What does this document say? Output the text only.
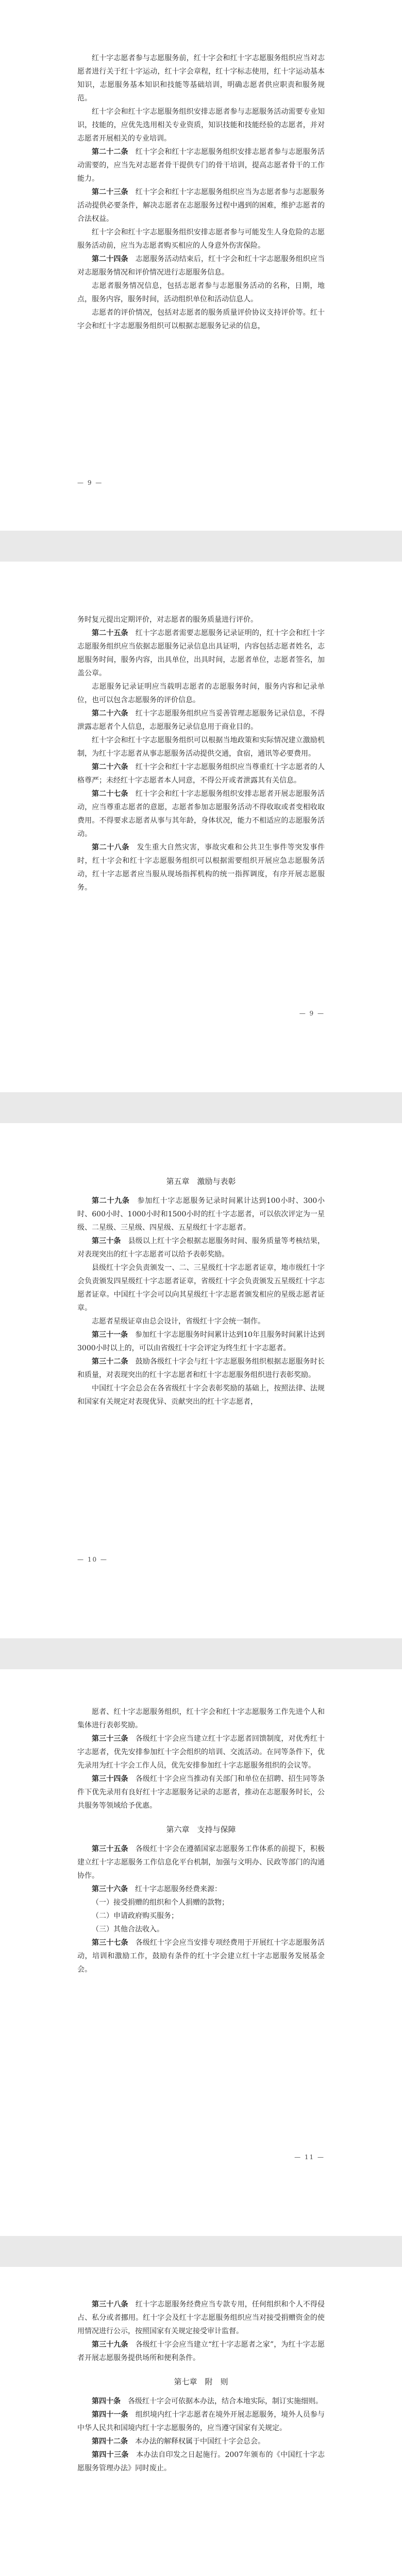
红十字志愿者参与志愿服务前，红十字会和红十字志愿服务组织应当对志愿者进行关于红十字运动，红十字会章程，红十字标志使用，红十字运动基本知识，志愿服务基本知识和技能等基础培训，明确志愿者供应职责和服务规范。

红十字会和红十字志愿服务组织安排志愿者参与志愿服务活动需要专业知识，技能的，应优先选用相关专业资质，知识技能和技能经验的志愿者，并对志愿者开展相关的专业培训。

第二十二条　 红十字会和红十字志愿服务组织安排志愿者参与志愿服务活动需要的，应当先对志愿者骨干提供专门的骨干培训，提高志愿者骨干的工作能力。

第二十三条　 红十字会和红十字志愿服务组织应当为志愿者参与志愿服务活动提供必要条件，解决志愿者在志愿服务过程中遇到的困难，维护志愿者的合法权益。

红十字会和红十字志愿服务组织安排志愿者参与可能发生人身危险的志愿服务活动前，应当为志愿者购买相应的人身意外伤害保险。

第二十四条　 志愿服务活动结束后，红十字会和红十字志愿服务组织应当对志愿服务情况和评价情况进行志愿服务信息。

志愿者服务情况信息，包括志愿者参与志愿服务活动的名称，日期，地点，服务内容，服务时间，活动组织单位和活动信息人。

志愿者的评价情况，包括对志愿者的服务质量评价协议支持评价等。红十字会和红十字志愿服务组织可以根据志愿服务记录的信息，

— 9 —

务时复元提出定期评价，对志愿者的服务质量进行评价。

第二十五条　 红十字志愿者需要志愿服务记录证明的，红十字会和红十字志愿服务组织应当依据志愿服务记录信息出具证明，内容包括志愿者姓名，志愿服务时间，服务内容，出具单位，出具时间，志愿者单位，志愿者签名，加盖公章。

志愿服务记录证明应当载明志愿者的志愿服务时间，服务内容和记录单位，也可以包含志愿服务的评价信息。

第二十六条　 红十字志愿服务组织应当妥善管理志愿服务记录信息，不得泄露志愿者个人信息，志愿服务记录信息用于商业目的。

红十字会和红十字志愿服务组织可以根据当地政策和实际情况建立激励机制，为红十字志愿者从事志愿服务活动提供交通，食宿，通讯等必要费用。

第二十六条　 红十字会和红十字志愿服务组织应当尊重红十字志愿者的人格尊严；未经红十字志愿者本人同意，不得公开或者泄露其有关信息。

第二十七条　 红十字会和红十字志愿服务组织安排志愿者开展志愿服务活动，应当尊重志愿者的意愿，志愿者参加志愿服务活动不得收取或者变相收取费用。不得要求志愿者从事与其年龄，身体状况，能力不相适应的志愿服务活动。

第二十八条　 发生重大自然灾害，事故灾难和公共卫生事件等突发事件时，红十字会和红十字志愿服务组织可以根据需要组织开展应急志愿服务活动，红十字志愿者应当服从现场指挥机构的统一指挥调度，有序开展志愿服务。

— 9 —

第五章　激励与表彰

第二十九条　 参加红十字志愿服务记录时间累计达到100小时、300小时、600小时、1000小时和1500小时的红十字志愿者，可以依次评定为一星级、二星级、三星级、四星级、五星级红十字志愿者。

第三十条　 县级以上红十字会根据志愿服务时间、服务质量等考核结果，对表现突出的红十字志愿者可以给予表彰奖励。

县级红十字会负责颁发一、二、三星级红十字志愿者证章，地市级红十字会负责颁发四星级红十字志愿者证章，省级红十字会负责颁发五星级红十字志愿者证章。中国红十字会可以向其星级红十字志愿者颁发相应的星级志愿者证章。

志愿者星级证章由总会设计，省级红十字会统一制作。

第三十一条　 参加红十字志愿服务时间累计达到10年且服务时间累计达到3000小时以上的，可以由省级红十字会评定为终生红十字志愿者。

第三十二条　 鼓励各级红十字会与红十字志愿服务组织根据志愿服务时长和质量，对表现突出的红十字志愿者和红十字志愿服务组织进行表彰奖励。

中国红十字会总会在各省级红十字会表彰奖励的基础上，按照法律、法规和国家有关规定对表现优异、贡献突出的红十字志愿者，

— 10 —

愿者、红十字志愿服务组织，红十字会和红十字志愿服务工作先进个人和集体进行表彰奖励。

第三十三条　 各级红十字会应当建立红十字志愿者回馈制度，对优秀红十字志愿者，优先安排参加红十字会组织的培训、交流活动。在同等条件下，优先录用为红十字会工作人员，优先安排参加红十字志愿服务组织的会议等。

第三十四条　 各级红十字会应当推动有关部门和单位在招聘、招生同等条件下优先录用有良好红十字志愿服务记录的志愿者，推动在志愿服务时长，公共服务等领域给予优惠。

第六章　支持与保障

第三十五条　 各级红十字会在遵循国家志愿服务工作体系的前提下，积极建立红十字志愿服务工作信息化平台机制，加强与文明办、民政等部门的沟通协作。

第三十六条　 红十字志愿服务经费来源：

（一）接受捐赠的组织和个人捐赠的款物；

（二）申请政府购买服务；

（三）其他合法收入。

第三十七条　 各级红十字会应当安排专项经费用于开展红十字志愿服务活动，培训和激励工作，鼓励有条件的红十字会建立红十字志愿服务发展基金会。

— 11 —

第三十八条　 红十字志愿服务经费应当专款专用，任何组织和个人不得侵占、私分或者挪用。红十字会及红十字志愿服务组织应当对接受捐赠资金的使用情况进行公示，按照国家有关规定接受审计监督。

第三十九条　 各级红十字会应当建立“红十字志愿者之家”，为红十字志愿者开展志愿服务提供场所和便利条件。

第七章　附　则

第四十条　 各级红十字会可依据本办法，结合本地实际，制订实施细则。

第四十一条　 组织境内红十字志愿者在境外开展志愿服务，境外人员参与中华人民共和国境内红十字志愿服务的，应当遵守国家有关规定。

第四十二条　 本办法的解释权属于中国红十字会总会。

第四十三条　 本办法自印发之日起施行。2007年颁布的《中国红十字志愿服务管理办法》同时废止。
